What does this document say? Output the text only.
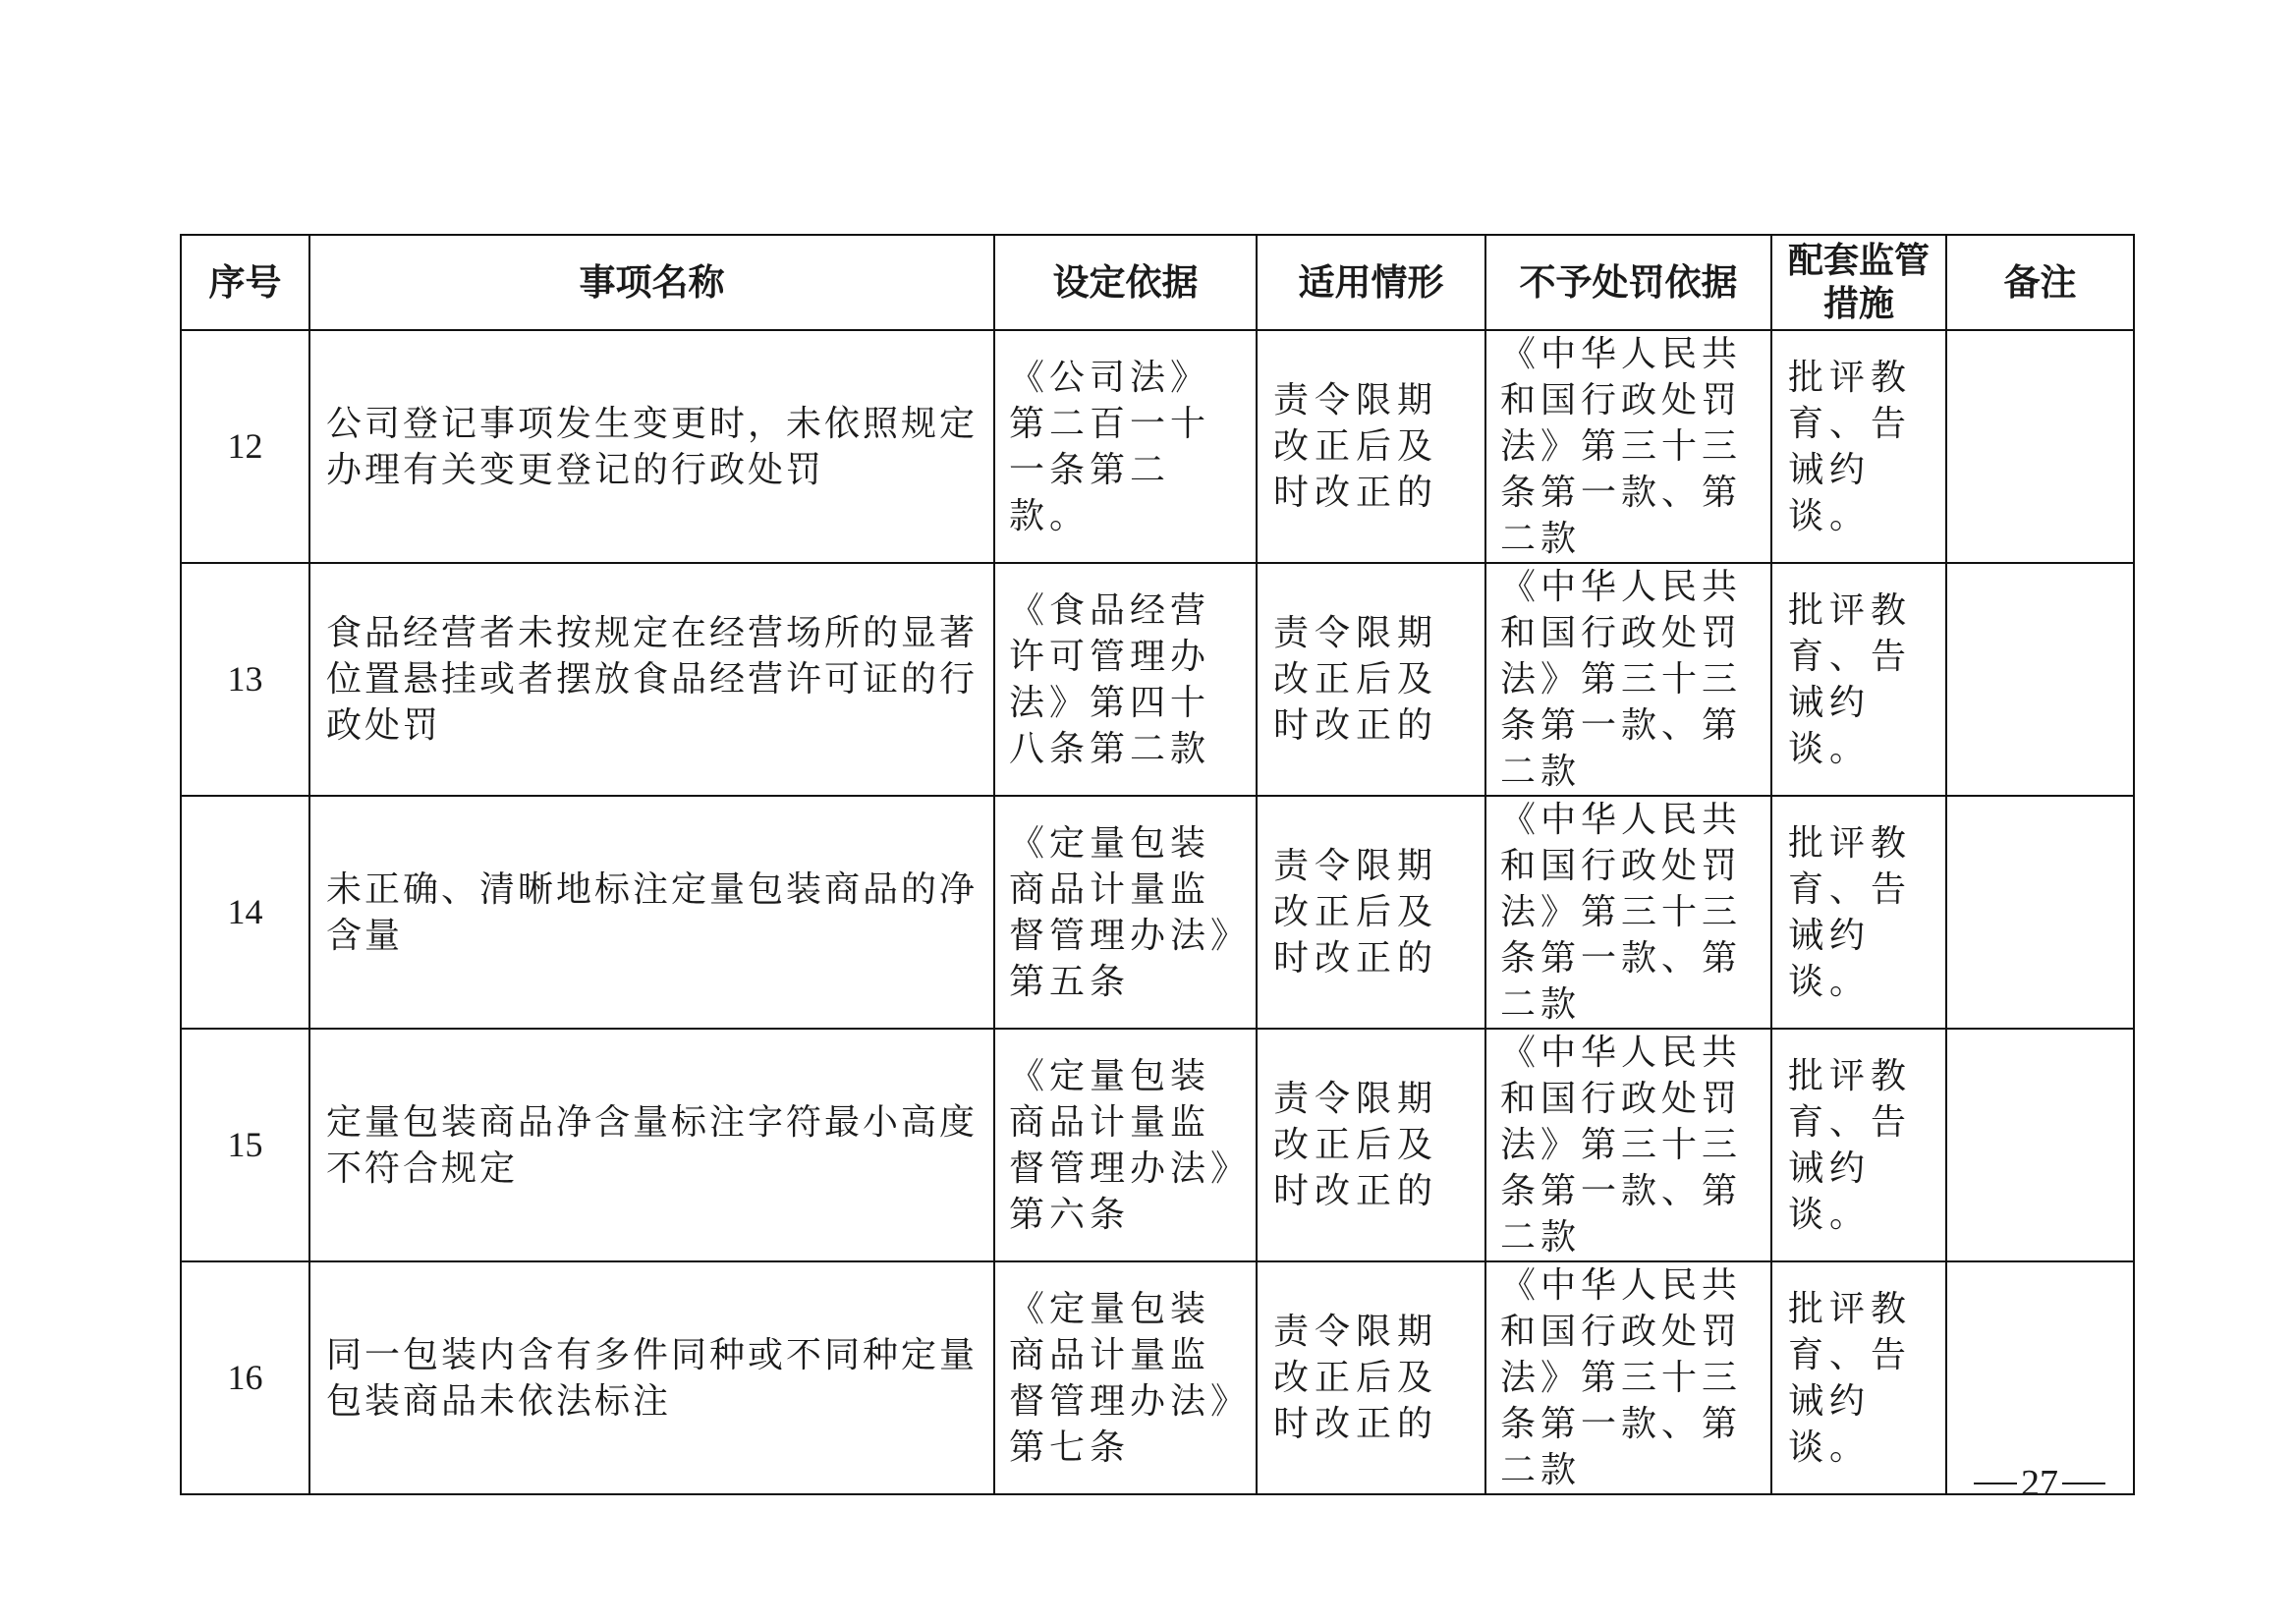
序号	事项名称	设定依据	适用情形	不予处罚依据	配套监管措施	备注
12	公司登记事项发生变更时，未依照规定办理有关变更登记的行政处罚	《公司法》第二百一十一条第二款。	责令限期改正后及时改正的	《中华人民共和国行政处罚法》第三十三条第一款、第二款	批评教育、告诫约谈。	

13	食品经营者未按规定在经营场所的显著位置悬挂或者摆放食品经营许可证的行政处罚	《食品经营许可管理办法》第四十八条第二款	责令限期改正后及时改正的	《中华人民共和国行政处罚法》第三十三条第一款、第二款	批评教育、告诫约谈。	

14	未正确、清晰地标注定量包装商品的净含量	《定量包装商品计量监督管理办法》第五条	责令限期改正后及时改正的	《中华人民共和国行政处罚法》第三十三条第一款、第二款	批评教育、告诫约谈。	

15	定量包装商品净含量标注字符最小高度不符合规定	《定量包装商品计量监督管理办法》第六条	责令限期改正后及时改正的	《中华人民共和国行政处罚法》第三十三条第一款、第二款	批评教育、告诫约谈。	

16	同一包装内含有多件同种或不同种定量包装商品未依法标注	《定量包装商品计量监督管理办法》第七条	责令限期改正后及时改正的	《中华人民共和国行政处罚法》第三十三条第一款、第二款	批评教育、告诫约谈。	

27
